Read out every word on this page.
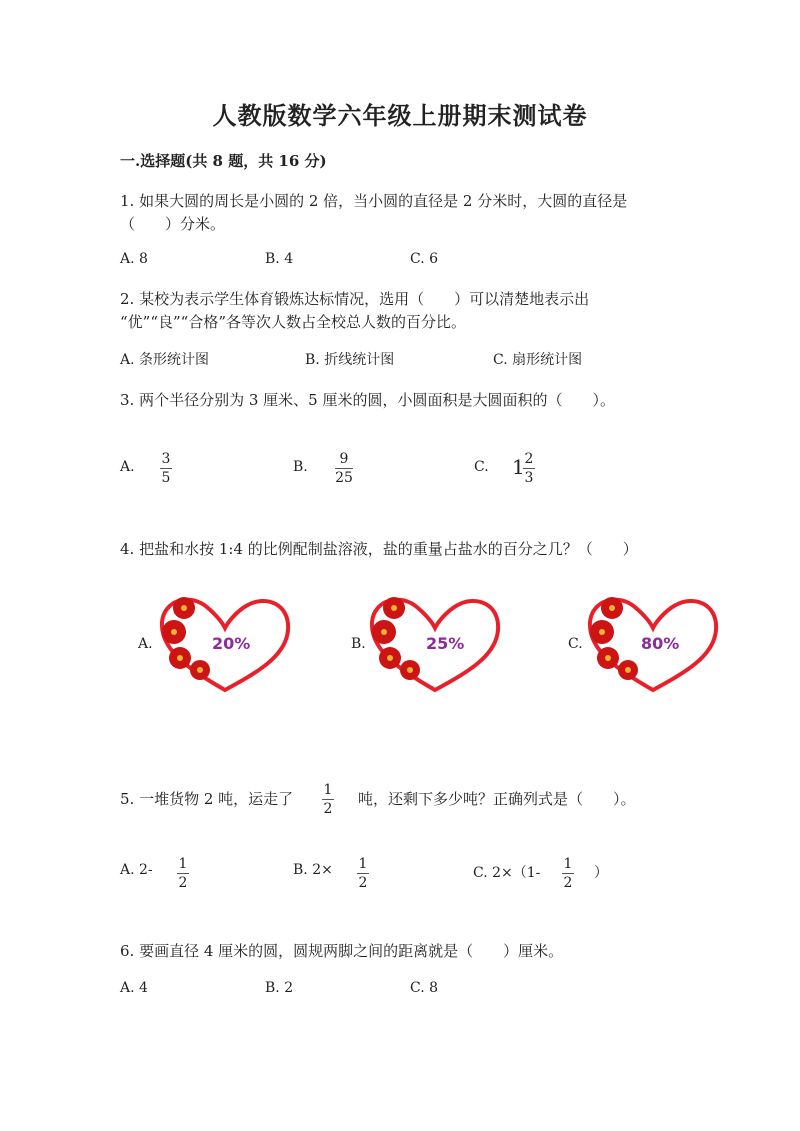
人教版数学六年级上册期末测试卷
一.选择题(共 8 题，共 16 分)
1. 如果大圆的周长是小圆的 2 倍，当小圆的直径是 2 分米时，大圆的直径是
（　　）分米。
A. 8	B. 4	C. 6
2. 某校为表示学生体育锻炼达标情况，选用（　　）可以清楚地表示出
“优”“良”“合格”各等次人数占全校总人数的百分比。
A. 条形统计图	B. 折线统计图	C. 扇形统计图
3. 两个半径分别为 3 厘米、5 厘米的圆，小圆面积是大圆面积的（　　）。
A. 3
5
B. 9
25
C. 1 2
3
4. 把盐和水按 1:4 的比例配制盐溶液，盐的重量占盐水的百分之几？（　　）
A.	20%	B.	25%	C.	80%
5. 一堆货物 2 吨，运走了 1
2
吨，还剩下多少吨？正确列式是（　　）。
A. 2- 1
2
B. 2× 1
2
C. 2×（1-
1
2
）
6. 要画直径 4 厘米的圆，圆规两脚之间的距离就是（　　）厘米。
A. 4	B. 2	C. 8
